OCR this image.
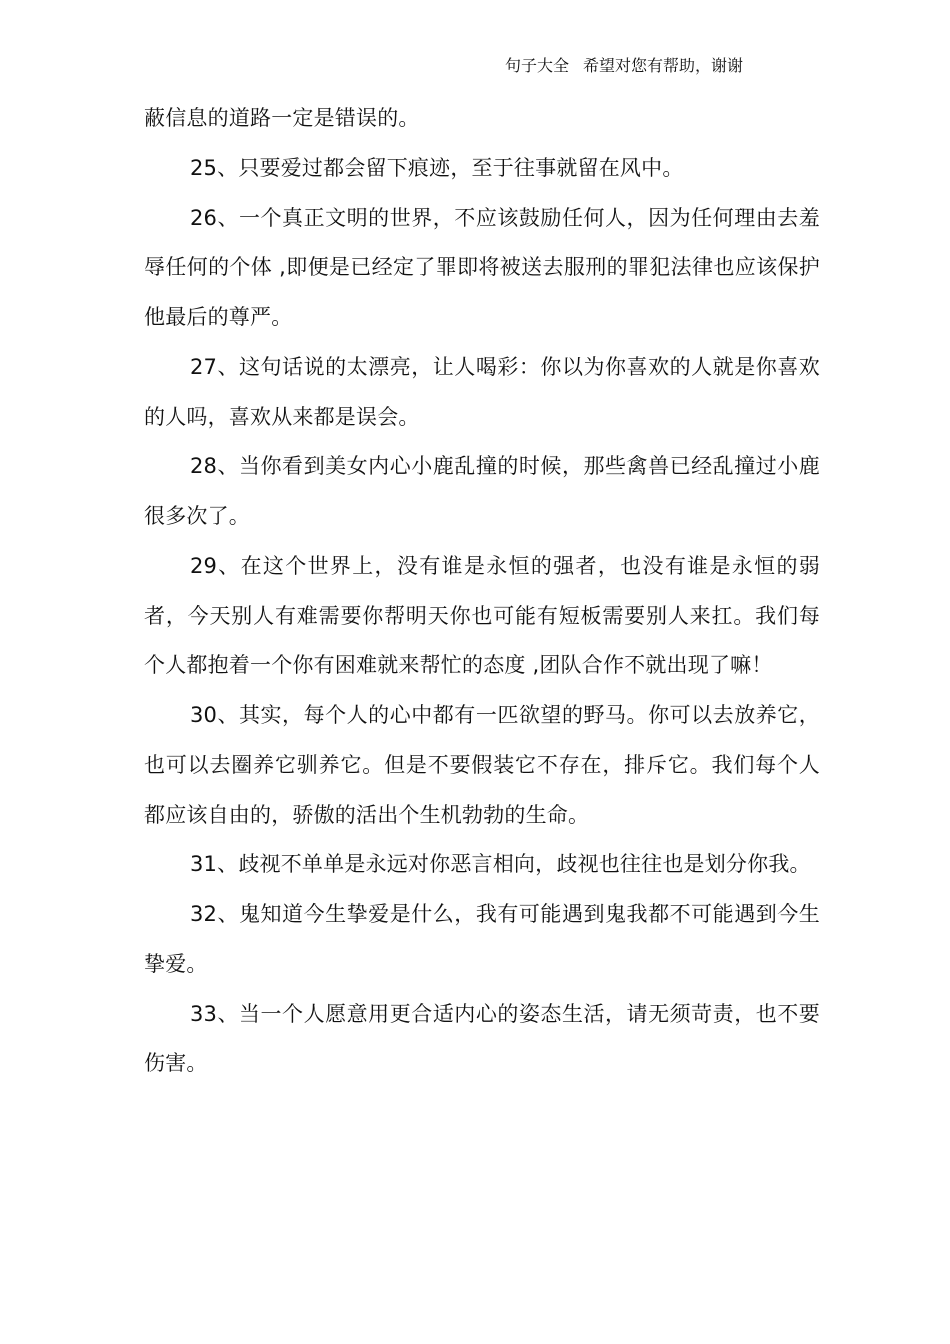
句子大全 希望对您有帮助，谢谢

蔽信息的道路一定是错误的。

25、只要爱过都会留下痕迹，至于往事就留在风中。

26、一个真正文明的世界，不应该鼓励任何人，因为任何理由去羞辱任何的个体 ,即便是已经定了罪即将被送去服刑的罪犯法律也应该保护他最后的尊严。

27、这句话说的太漂亮，让人喝彩：你以为你喜欢的人就是你喜欢的人吗，喜欢从来都是误会。

28、当你看到美女内心小鹿乱撞的时候，那些禽兽已经乱撞过小鹿很多次了。

29、在这个世界上，没有谁是永恒的强者，也没有谁是永恒的弱者，今天别人有难需要你帮明天你也可能有短板需要别人来扛。我们每个人都抱着一个你有困难就来帮忙的态度 ,团队合作不就出现了嘛！

30、其实，每个人的心中都有一匹欲望的野马。你可以去放养它，也可以去圈养它驯养它。但是不要假装它不存在，排斥它。我们每个人都应该自由的，骄傲的活出个生机勃勃的生命。

31、歧视不单单是永远对你恶言相向，歧视也往往也是划分你我。

32、鬼知道今生挚爱是什么，我有可能遇到鬼我都不可能遇到今生挚爱。

33、当一个人愿意用更合适内心的姿态生活，请无须苛责，也不要伤害。
